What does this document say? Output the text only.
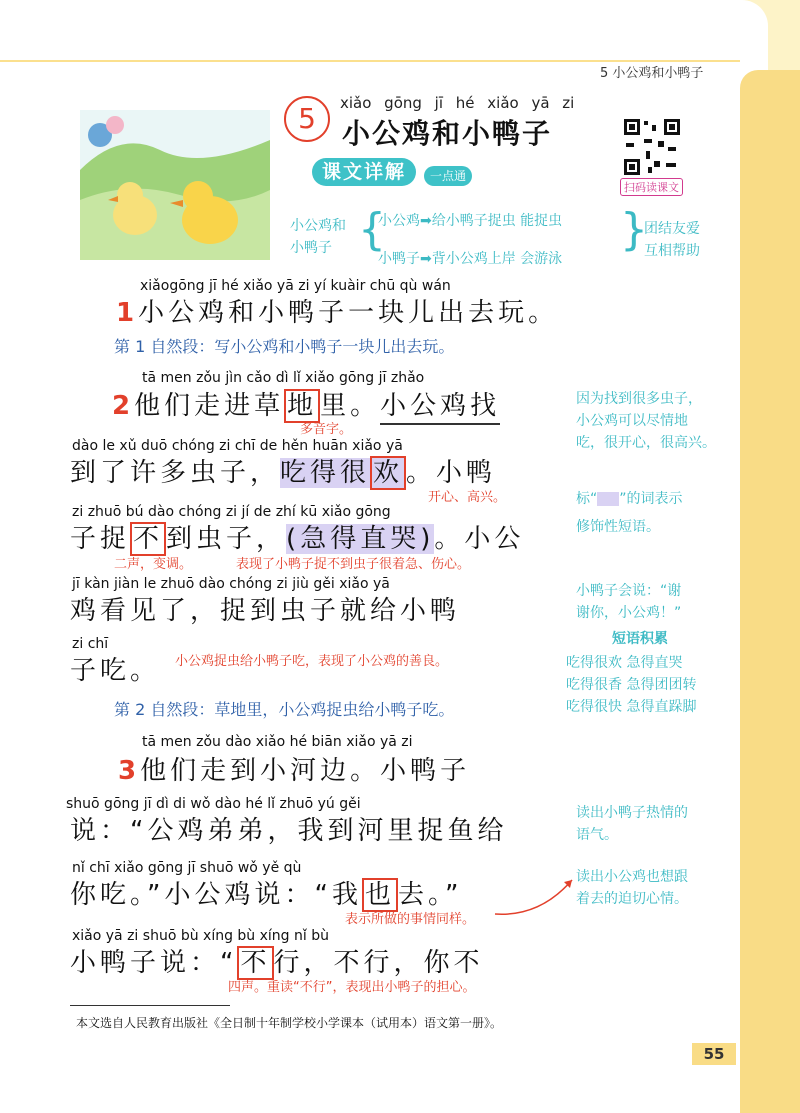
5 小公鸡和小鸭子
5	xiǎo gōng jī hé xiǎo yā zi
小公鸡和小鸭子
扫码读课文
课文详解	一点通
小公鸡和
小鸭子 {
小公鸡➡给小鸭子捉虫 能捉虫
小鸭子➡背小公鸡上岸 会游泳
}
团结友爱
互相帮助
xiǎogōng jī hé xiǎo yā zi yí kuàir chū qù wán
1小公鸡和小鸭子一块儿出去玩。
第 1 自然段：写小公鸡和小鸭子一块儿出去玩。
tā men zǒu jìn cǎo dì lǐ xiǎo gōng jī zhǎo
2他们走进草 地 里。小公鸡找
多音字。
dào le xǔ duō chóng zi chī de hěn huān xiǎo yā
到了许多虫子，吃得很 欢 。小鸭
开心、高兴。
zi zhuō bú dào chóng zi jí de zhí kū xiǎo gōng
子捉 不 到虫子，(急得直哭)。小公
二声，变调。	表现了小鸭子捉不到虫子很着急、伤心。
jī kàn jiàn le zhuō dào chóng zi jiù gěi xiǎo yā
鸡看见了，捉到虫子就给小鸭
zi chī
子吃。 小公鸡捉虫给小鸭子吃，表现了小公鸡的善良。
第 2 自然段：草地里，小公鸡捉虫给小鸭子吃。
tā men zǒu dào xiǎo hé biān xiǎo yā zi
3他们走到小河边。小鸭子
shuō gōng jī dì di wǒ dào hé lǐ zhuō yú gěi
说：“公鸡弟弟，我到河里捉鱼给
nǐ chī xiǎo gōng jī shuō wǒ yě qù
你吃。”小公鸡说：“我 也 去。”
表示所做的事情同样。
xiǎo yā zi shuō bù xíng bù xíng nǐ bù
小鸭子说：“ 不 行，不行，你不
四声。重读“不行”，表现出小鸭子的担心。
因为找到很多虫子，
小公鸡可以尽情地
吃，很开心，很高兴。
标“ ”的词表示
修饰性短语。
小鸭子会说：“谢
谢你，小公鸡！”
短语积累
吃得很欢 急得直哭
吃得很香 急得团团转
吃得很快 急得直跺脚
读出小鸭子热情的
语气。
读出小公鸡也想跟
着去的迫切心情。
本文选自人民教育出版社《全日制十年制学校小学课本（试用本）语文第一册》。
55
